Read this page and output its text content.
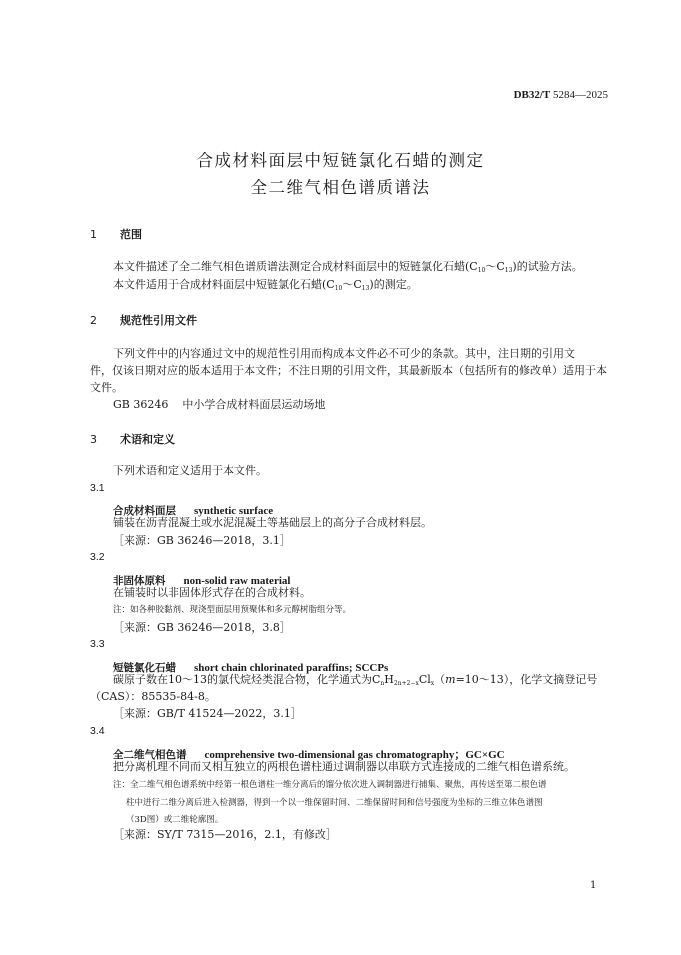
DB32/T 5284—2025
合成材料面层中短链氯化石蜡的测定
全二维气相色谱质谱法
1 范围
本文件描述了全二维气相色谱质谱法测定合成材料面层中的短链氯化石蜡$(C_{10}\sim C_{13})$的试验方法。
本文件适用于合成材料面层中短链氯化石蜡$(C_{10}\sim C_{13})$的测定。
2 规范性引用文件
下列文件中的内容通过文中的规范性引用而构成本文件必不可少的条款。其中，注日期的引用文
件，仅该日期对应的版本适用于本文件；不注日期的引用文件，其最新版本（包括所有的修改单）适用于本
文件。
GB 36246 中小学合成材料面层运动场地
3 术语和定义
下列术语和定义适用于本文件。
3.1
合成材料面层 synthetic surface
铺装在沥青混凝土或水泥混凝土等基础层上的高分子合成材料层。
［来源：GB 36246—2018，3.1］
3.2
非固体原料 non-solid raw material
在铺装时以非固体形式存在的合成材料。
注：如各种胶黏剂、现浇型面层用预聚体和多元醇树脂组分等。
［来源：GB 36246—2018，3.8］
3.3
短链氯化石蜡 short chain chlorinated paraffins; SCCPs
碳原子数在10～13的氯代烷烃类混合物，化学通式为$C_nH_{2n+2-x}Cl_x(m=10\sim 13)$，化学文摘登记号
（CAS）：85535-84-8。
［来源：GB/T 41524—2022，3.1］
3.4
全二维气相色谱 comprehensive two-dimensional gas chromatography；GC×GC
把分离机理不同而又相互独立的两根色谱柱通过调制器以串联方式连接成的二维气相色谱系统。
注：全二维气相色谱系统中经第一根色谱柱一维分离后的馏分依次进入调制器进行捕集、聚焦，再传送至第二根色谱
柱中进行二维分离后进入检测器，得到一个以一维保留时间、二维保留时间和信号强度为坐标的三维立体色谱图
（3D图）或二维轮廓图。
［来源：SY/T 7315—2016，2.1，有修改］
1
